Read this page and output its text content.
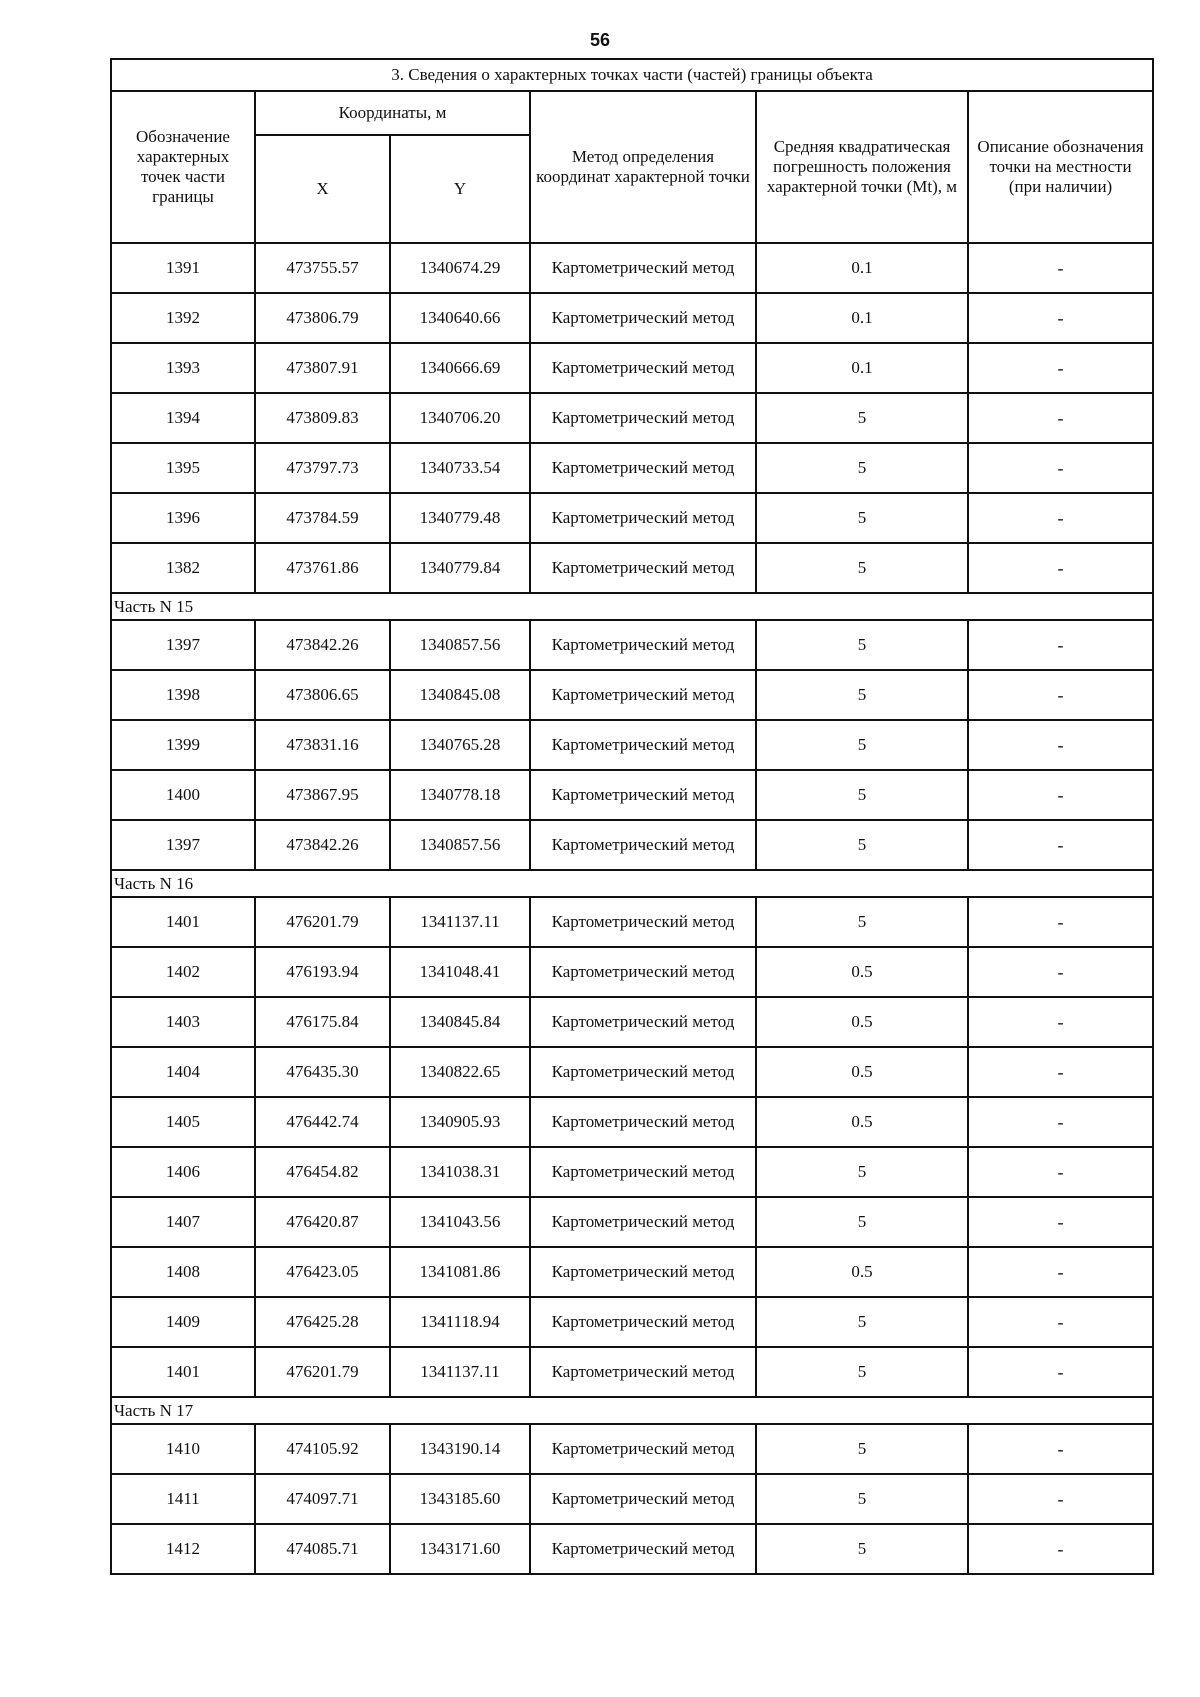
56
3. Сведения о характерных точках части (частей) границы объекта					
Обозначение характерных точек части границы	Координаты, м		Метод определения координат характерной точки	Средняя квадратическая погрешность положения характерной точки (Mt), м	Описание обозначения точки на местности (при наличии)
	X	Y			
1391	473755.57	1340674.29	Картометрический метод	0.1	-
1392	473806.79	1340640.66	Картометрический метод	0.1	-
1393	473807.91	1340666.69	Картометрический метод	0.1	-
1394	473809.83	1340706.20	Картометрический метод	5	-
1395	473797.73	1340733.54	Картометрический метод	5	-
1396	473784.59	1340779.48	Картометрический метод	5	-
1382	473761.86	1340779.84	Картометрический метод	5	-
Часть N 15					
1397	473842.26	1340857.56	Картометрический метод	5	-
1398	473806.65	1340845.08	Картометрический метод	5	-
1399	473831.16	1340765.28	Картометрический метод	5	-
1400	473867.95	1340778.18	Картометрический метод	5	-
1397	473842.26	1340857.56	Картометрический метод	5	-
Часть N 16					
1401	476201.79	1341137.11	Картометрический метод	5	-
1402	476193.94	1341048.41	Картометрический метод	0.5	-
1403	476175.84	1340845.84	Картометрический метод	0.5	-
1404	476435.30	1340822.65	Картометрический метод	0.5	-
1405	476442.74	1340905.93	Картометрический метод	0.5	-
1406	476454.82	1341038.31	Картометрический метод	5	-
1407	476420.87	1341043.56	Картометрический метод	5	-
1408	476423.05	1341081.86	Картометрический метод	0.5	-
1409	476425.28	1341118.94	Картометрический метод	5	-
1401	476201.79	1341137.11	Картометрический метод	5	-
Часть N 17					
1410	474105.92	1343190.14	Картометрический метод	5	-
1411	474097.71	1343185.60	Картометрический метод	5	-
1412	474085.71	1343171.60	Картометрический метод	5	-
